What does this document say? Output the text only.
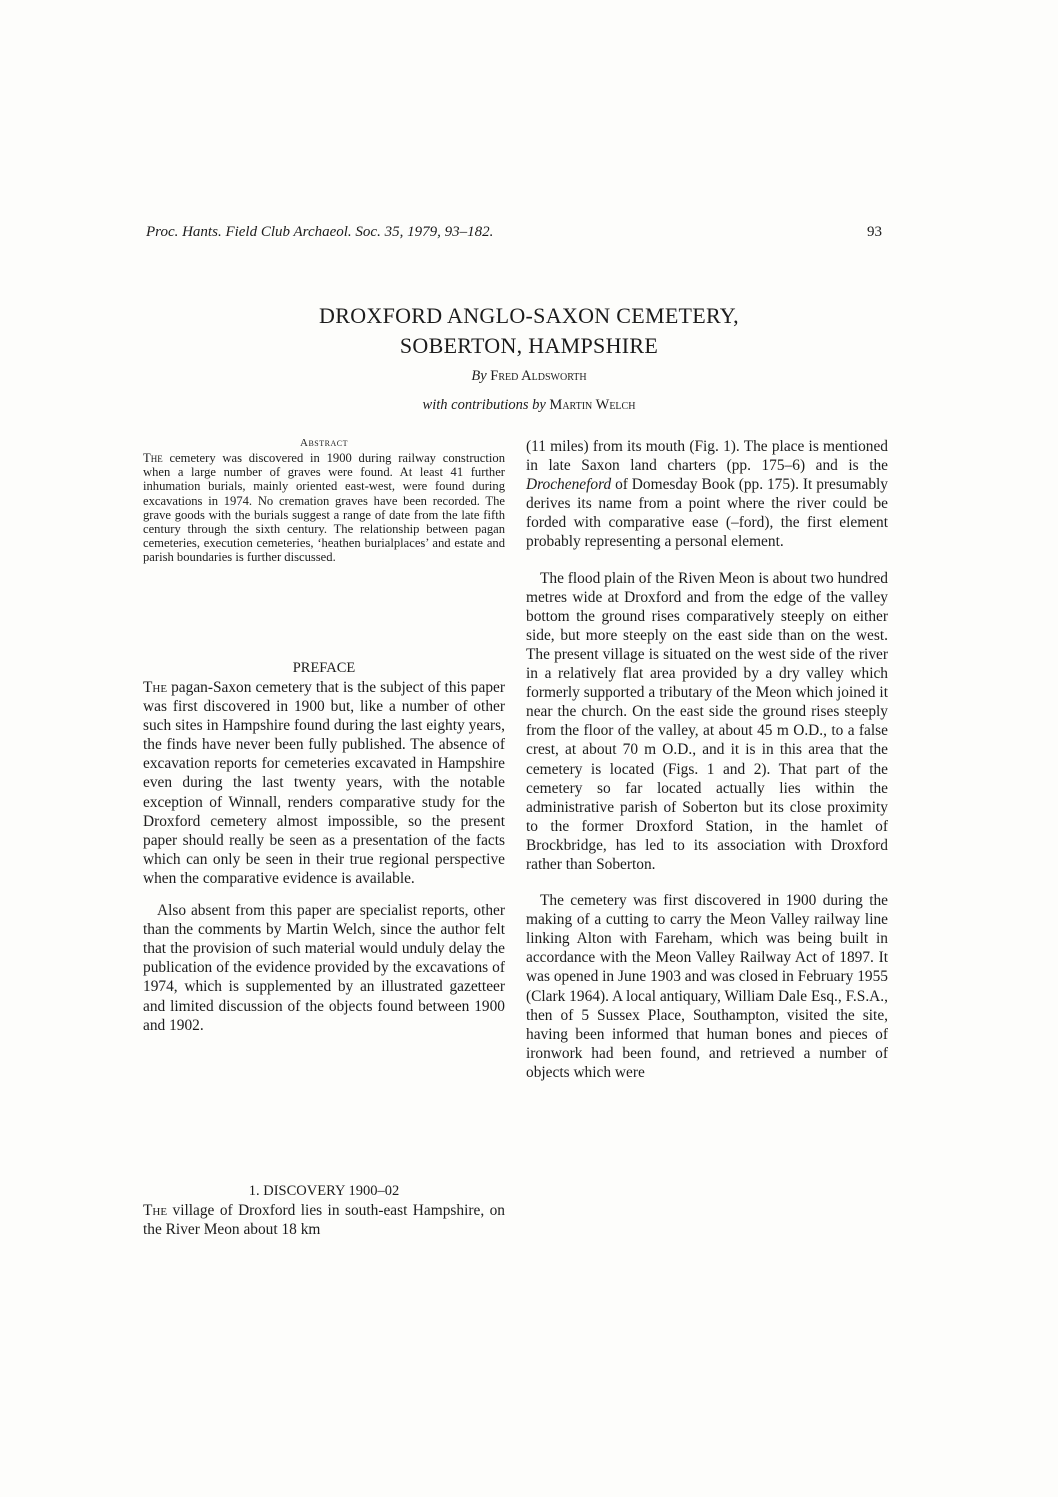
Proc. Hants. Field Club Archaeol. Soc. 35, 1979, 93–182.	93
DROXFORD ANGLO-SAXON CEMETERY,
SOBERTON, HAMPSHIRE
By Fred Aldsworth
with contributions by Martin Welch
Abstract

The cemetery was discovered in 1900 during railway construction when a large number of graves were found. At least 41 further inhumation burials, mainly oriented east-west, were found during excavations in 1974. No cremation graves have been recorded. The grave goods with the burials suggest a range of date from the late fifth century through the sixth century. The relationship between pagan cemeteries, execution cemeteries, ‘heathen burialplaces’ and estate and parish boundaries is further discussed.

PREFACE

The pagan-Saxon cemetery that is the subject of this paper was first discovered in 1900 but, like a number of other such sites in Hampshire found during the last eighty years, the finds have never been fully published. The absence of excavation reports for cemeteries excavated in Hampshire even during the last twenty years, with the notable exception of Winnall, renders comparative study for the Droxford cemetery almost impossible, so the present paper should really be seen as a presentation of the facts which can only be seen in their true regional perspective when the comparative evidence is available.

Also absent from this paper are specialist reports, other than the comments by Martin Welch, since the author felt that the provision of such material would unduly delay the publication of the evidence provided by the excavations of 1974, which is supplemented by an illustrated gazetteer and limited discussion of the objects found between 1900 and 1902.

1. DISCOVERY 1900–02

The village of Droxford lies in south-east Hampshire, on the River Meon about 18 km

(11 miles) from its mouth (Fig. 1). The place is mentioned in late Saxon land charters (pp. 175–6) and is the Drocheneford of Domesday Book (pp. 175). It presumably derives its name from a point where the river could be forded with comparative ease (–ford), the first element probably representing a personal element.

The flood plain of the Riven Meon is about two hundred metres wide at Droxford and from the edge of the valley bottom the ground rises comparatively steeply on either side, but more steeply on the east side than on the west. The present village is situated on the west side of the river in a relatively flat area provided by a dry valley which formerly supported a tributary of the Meon which joined it near the church. On the east side the ground rises steeply from the floor of the valley, at about 45 m O.D., to a false crest, at about 70 m O.D., and it is in this area that the cemetery is located (Figs. 1 and 2). That part of the cemetery so far located actually lies within the administrative parish of Soberton but its close proximity to the former Droxford Station, in the hamlet of Brockbridge, has led to its association with Droxford rather than Soberton.

The cemetery was first discovered in 1900 during the making of a cutting to carry the Meon Valley railway line linking Alton with Fareham, which was being built in accordance with the Meon Valley Railway Act of 1897. It was opened in June 1903 and was closed in February 1955 (Clark 1964). A local antiquary, William Dale Esq., F.S.A., then of 5 Sussex Place, Southampton, visited the site, having been informed that human bones and pieces of ironwork had been found, and retrieved a number of objects which were
